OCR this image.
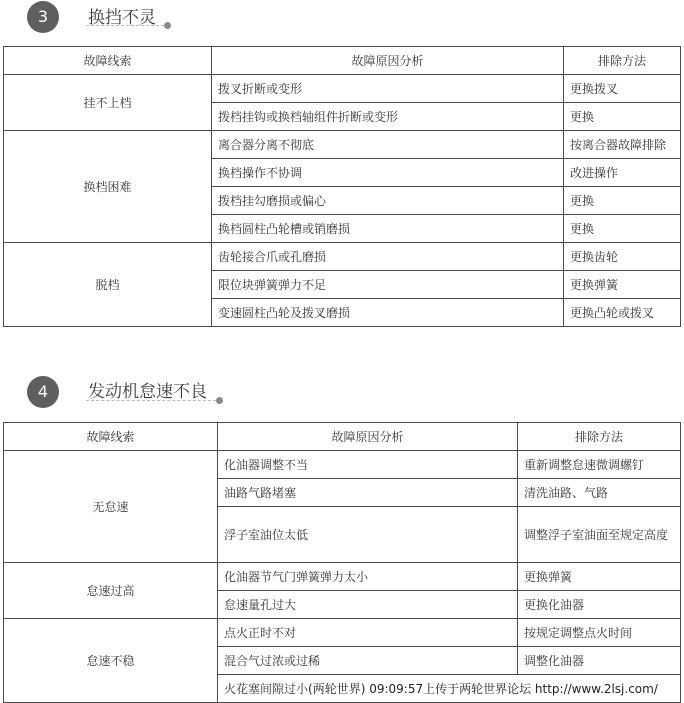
3	换挡不灵
故障线索	故障原因分析	排除方法
挂不上档	拨叉折断或变形	更换拨叉
	拨档挂钩或换档轴组件折断或变形	更换
换档困难	离合器分离不彻底	按离合器故障排除
	换档操作不协调	改进操作
	拨档挂勾磨损或偏心	更换
	换档圆柱凸轮槽或销磨损	更换
脱档	齿轮接合爪或孔磨损	更换齿轮
	限位块弹簧弹力不足	更换弹簧
	变速圆柱凸轮及拨叉磨损	更换凸轮或拨叉
4	发动机怠速不良
故障线索	故障原因分析	排除方法
无怠速	化油器调整不当	重新调整怠速微调螺钉
	油路气路堵塞	清洗油路、气路
	浮子室油位太低	调整浮子室油面至规定高度
怠速过高	化油器节气门弹簧弹力太小	更换弹簧
	怠速量孔过大	更换化油器
怠速不稳	点火正时不对	按规定调整点火时间
	混合气过浓或过稀	调整化油器
	火花塞间隙过小(两轮世界) 09:09:57上传于两轮世界论坛 http://www.2lsj.com/	
